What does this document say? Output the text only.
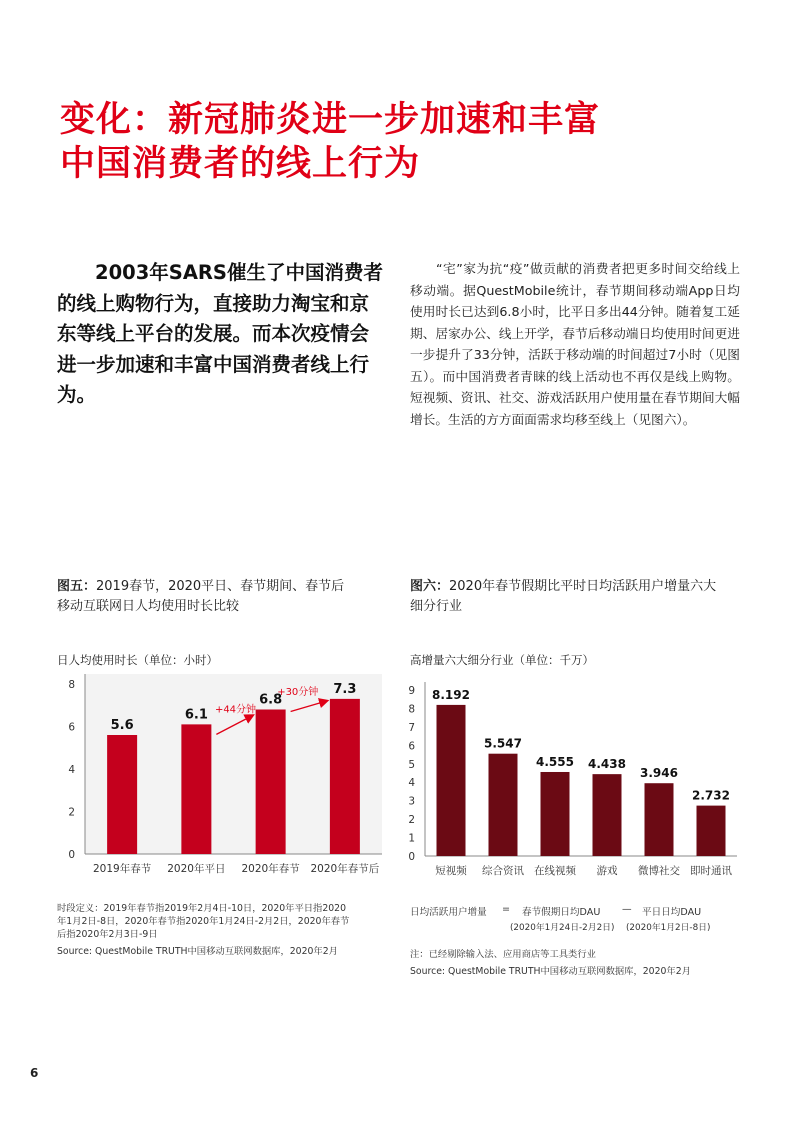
变化：新冠肺炎进一步加速和丰富
中国消费者的线上行为
2003年SARS催生了中国消费者的线上购物行为，直接助力淘宝和京东等线上平台的发展。而本次疫情会进一步加速和丰富中国消费者线上行为。
“宅”家为抗“疫”做贡献的消费者把更多时间交给线上移动端。据QuestMobile统计，春节期间移动端App日均使用时长已达到6.8小时，比平日多出44分钟。随着复工延期、居家办公、线上开学，春节后移动端日均使用时间更进一步提升了33分钟，活跃于移动端的时间超过7小时（见图五）。而中国消费者青睐的线上活动也不再仅是线上购物。短视频、资讯、社交、游戏活跃用户使用量在春节期间大幅增长。生活的方方面面需求均移至线上（见图六）。
图五：2019春节，2020平日、春节期间、春节后
移动互联网日人均使用时长比较
日人均使用时长（单位：小时）
0
2
4
6
8
5.6
2019年春节
6.1
2020年平日
6.8
2020年春节
7.3
2020年春节后
+44分钟
+30分钟
时段定义：2019年春节指2019年2月4日-10日，2020年平日指2020
年1月2日-8日，2020年春节指2020年1月24日-2月2日，2020年春节
后指2020年2月3日-9日
Source: QuestMobile TRUTH中国移动互联网数据库，2020年2月
图六：2020年春节假期比平时日均活跃用户增量六大
细分行业
高增量六大细分行业（单位：千万）
0
1
2
3
4
5
6
7
8
9 8.192
短视频
5.547
综合资讯
4.555
在线视频
4.438
游戏
3.946
微博社交
2.732
即时通讯
日均活跃用户增量 = 春节假期日均DAU — 平日日均DAU
(2020年1月24日-2月2日) (2020年1月2日-8日)
注：已经剔除输入法、应用商店等工具类行业
Source: QuestMobile TRUTH中国移动互联网数据库，2020年2月
6
